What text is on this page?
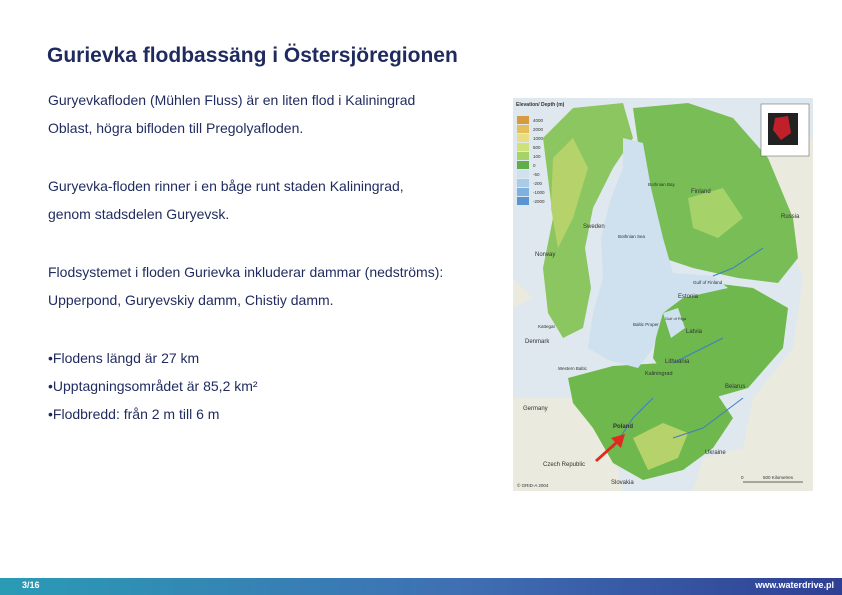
Gurievka flodbassäng i Östersjöregionen

Guryevkafloden (Mühlen Fluss) är en liten flod i Kaliningrad
Oblast, högra bifloden till Pregolyafloden.

Guryevka-floden rinner i en båge runt staden Kaliningrad,
genom stadsdelen Guryevsk.

Flodsystemet i floden Gurievka inkluderar dammar (nedströms):
Upperpond, Guryevskiy damm, Chistiy damm.

• Flodens längd är 27 km
• Upptagningsområdet är 85,2 km²
• Flodbredd: från 2 m till 6 m
Elevation/ Depth (m)
4000
2000
1000
500
100
0
-50
-200
-1000
-2000
Bothnian Bay
Bothnian Sea
Baltic Proper
Gulf of Finland
Gulf of Riga
Kattegat
Western Baltic
Sweden
Norway
Finland
Russia
Estonia
Latvia
Lithuania
Kaliningrad
Belarus
Denmark
Germany
Poland
Czech Republic
Slovakia
Ukraine
© GRID-A 2004
0	500 Kilometres
3/16	www.waterdrive.pl
